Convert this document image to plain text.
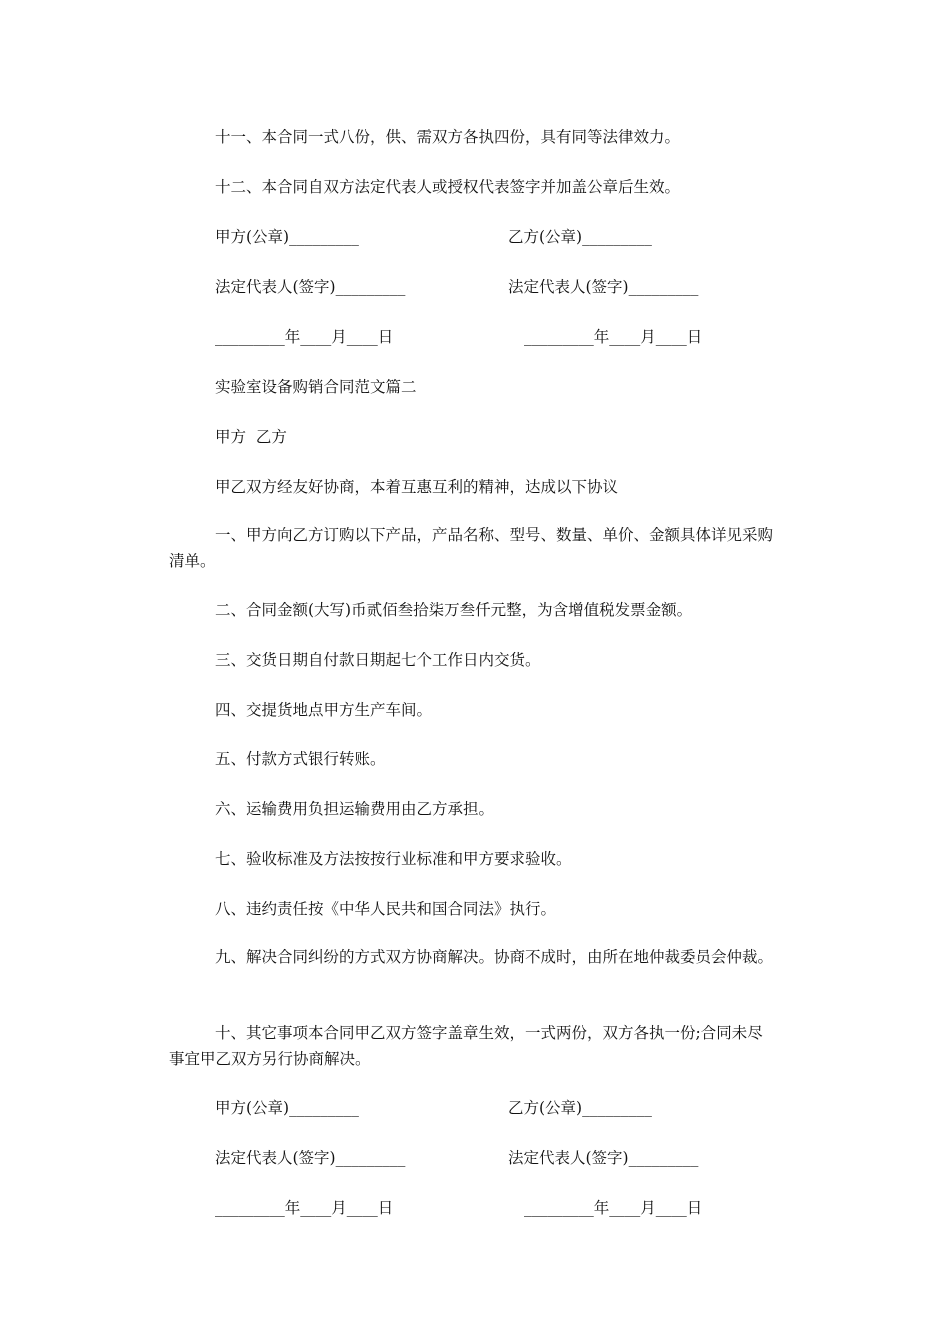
十一、本合同一式八份，供、需双方各执四份，具有同等法律效力。
十二、本合同自双方法定代表人或授权代表签字并加盖公章后生效。
甲方(公章)_________	乙方(公章)_________
法定代表人(签字)_________	法定代表人(签字)_________
_________年____月____日	_________年____月____日
实验室设备购销合同范文篇二
甲方  乙方
甲乙双方经友好协商，本着互惠互利的精神，达成以下协议
一、甲方向乙方订购以下产品，产品名称、型号、数量、单价、金额具体详见采购清单。
二、合同金额(大写)币贰佰叁拾柒万叁仟元整，为含增值税发票金额。
三、交货日期自付款日期起七个工作日内交货。
四、交提货地点甲方生产车间。
五、付款方式银行转账。
六、运输费用负担运输费用由乙方承担。
七、验收标准及方法按按行业标准和甲方要求验收。
八、违约责任按《中华人民共和国合同法》执行。
九、解决合同纠纷的方式双方协商解决。协商不成时，由所在地仲裁委员会仲裁。
十、其它事项本合同甲乙双方签字盖章生效，一式两份，双方各执一份;合同未尽事宜甲乙双方另行协商解决。
甲方(公章)_________	乙方(公章)_________
法定代表人(签字)_________	法定代表人(签字)_________
_________年____月____日	_________年____月____日
